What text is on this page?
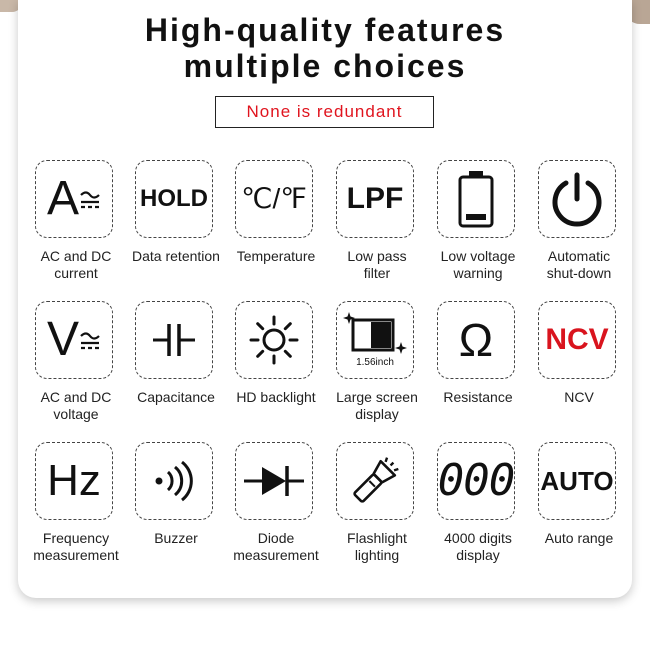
High-quality features
multiple choices
None is redundant
A
AC and DC
current
HOLD
Data retention
℃/℉
Temperature
LPF
Low pass
filter
Low voltage
warning
Automatic
shut-down
V
AC and DC
voltage
Capacitance	HD backlight
1.56inch
Large screen
display
Ω
Resistance
NCV
NCV
Hz
Frequency
measurement
Buzzer	Diode
measurement
Flashlight
lighting
000
4000 digits
display
AUTO
Auto range
